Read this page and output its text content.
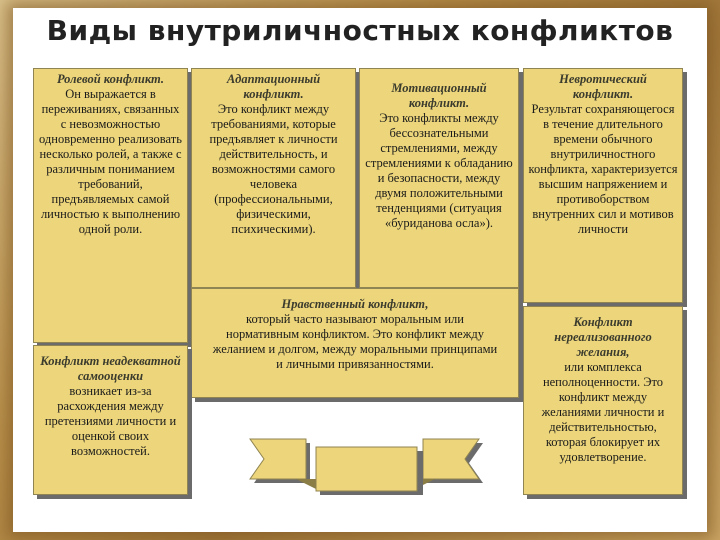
Виды внутриличностных конфликтов
Ролевой конфликт.
Он выражается в переживаниях, связанных с невозможностью одновременно реализовать несколько ролей, а также с различным пониманием требований, предъявляемых самой личностью к выполнению одной роли.
Адаптационный конфликт.
Это конфликт между требованиями, которые предъявляет к личности действительность, и возможностями самого человека (профессиональными, физическими, психическими).
Мотивационный конфликт.
Это конфликты между бессознательными стремлениями, между стремлениями к обладанию и безопасности, между двумя положительными тенденциями (ситуация «буриданова осла»).
Невротический конфликт.
Результат сохраняющегося в течение длительного времени обычного внутриличностного конфликта, характеризуется высшим напряжением и противоборством внутренних сил и мотивов личности
Нравственный конфликт,
который часто называют моральным или нормативным конфликтом. Это конфликт между желанием и долгом, между моральными принципами и личными привязанностями.
Конфликт неадекватной самооценки
возникает из-за расхождения между претензиями личности и оценкой своих возможностей.
Конфликт нереализованного желания,
или комплекса неполноценности. Это конфликт между желаниями личности и действительностью, которая блокирует их удовлетворение.
